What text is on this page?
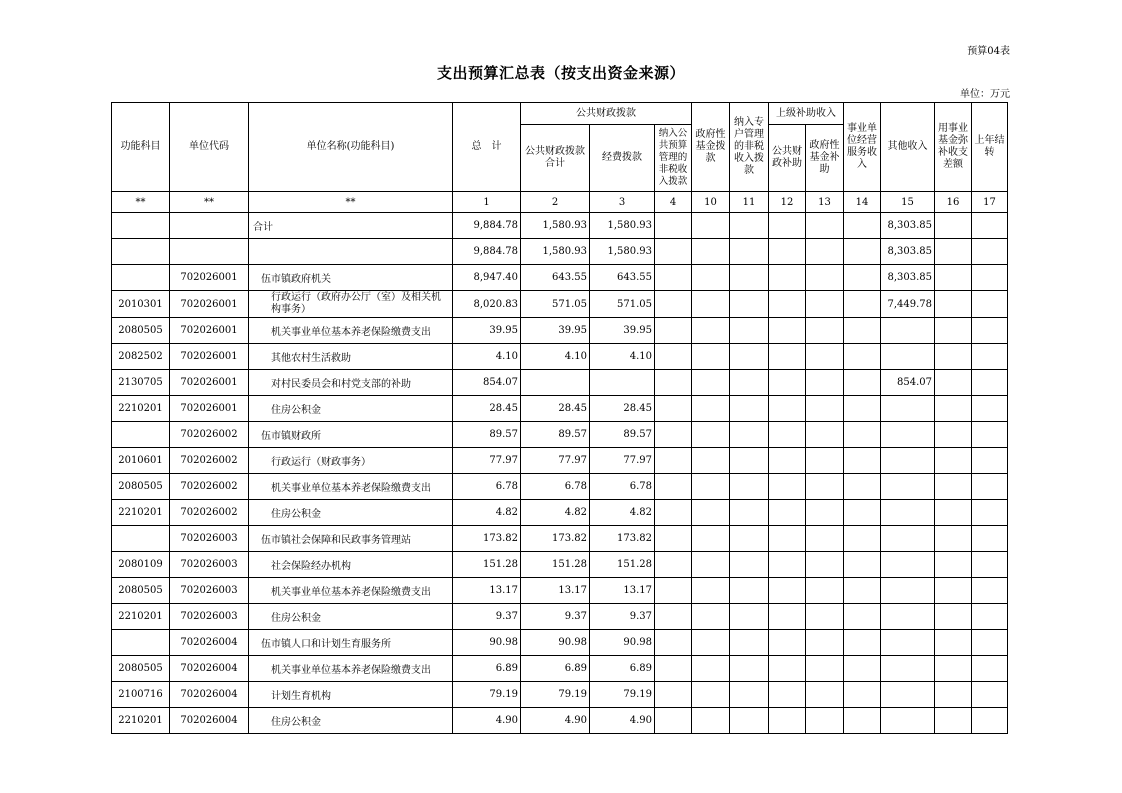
预算04表
支出预算汇总表（按支出资金来源）
单位：万元
功能科目	单位代码	单位名称(功能科目)	总　计	公共财政拨款			政府性基金拨款	纳入专户管理的非税收入拨款	上级补助收入		事业单位经营服务收入	其他收入	用事业基金弥补收支差额	上年结转
				公共财政拨款合计	经费拨款	纳入公共预算管理的非税收入拨款			公共财政补助	政府性基金补助				
**	**	**	1	2	3	4	10	11	12	13	14	15	16	17
		合计	9,884.78	1,580.93	1,580.93							8,303.85		
			9,884.78	1,580.93	1,580.93							8,303.85		
	702026001	伍市镇政府机关	8,947.40	643.55	643.55							8,303.85		
2010301	702026001	行政运行（政府办公厅（室）及相关机构事务）	8,020.83	571.05	571.05							7,449.78		
2080505	702026001	机关事业单位基本养老保险缴费支出	39.95	39.95	39.95									
2082502	702026001	其他农村生活救助	4.10	4.10	4.10									
2130705	702026001	对村民委员会和村党支部的补助	854.07									854.07		
2210201	702026001	住房公积金	28.45	28.45	28.45									
	702026002	伍市镇财政所	89.57	89.57	89.57									
2010601	702026002	行政运行（财政事务）	77.97	77.97	77.97									
2080505	702026002	机关事业单位基本养老保险缴费支出	6.78	6.78	6.78									
2210201	702026002	住房公积金	4.82	4.82	4.82									
	702026003	伍市镇社会保障和民政事务管理站	173.82	173.82	173.82									
2080109	702026003	社会保险经办机构	151.28	151.28	151.28									
2080505	702026003	机关事业单位基本养老保险缴费支出	13.17	13.17	13.17									
2210201	702026003	住房公积金	9.37	9.37	9.37									
	702026004	伍市镇人口和计划生育服务所	90.98	90.98	90.98									
2080505	702026004	机关事业单位基本养老保险缴费支出	6.89	6.89	6.89									
2100716	702026004	计划生育机构	79.19	79.19	79.19									
2210201	702026004	住房公积金	4.90	4.90	4.90									
